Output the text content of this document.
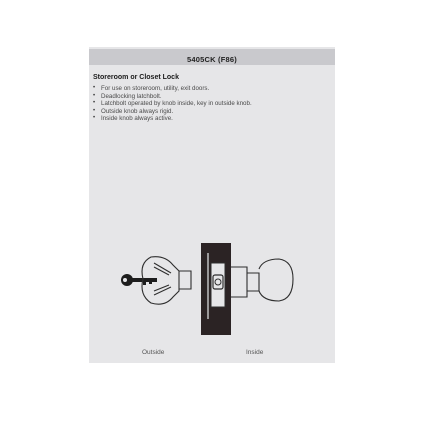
5405CK (F86)
Storeroom or Closet Lock
• For use on storeroom, utility, exit doors.
• Deadlocking latchbolt.
• Latchbolt operated by knob inside, key in outside knob.
• Outside knob always rigid.
• Inside knob always active.
Outside	Inside
